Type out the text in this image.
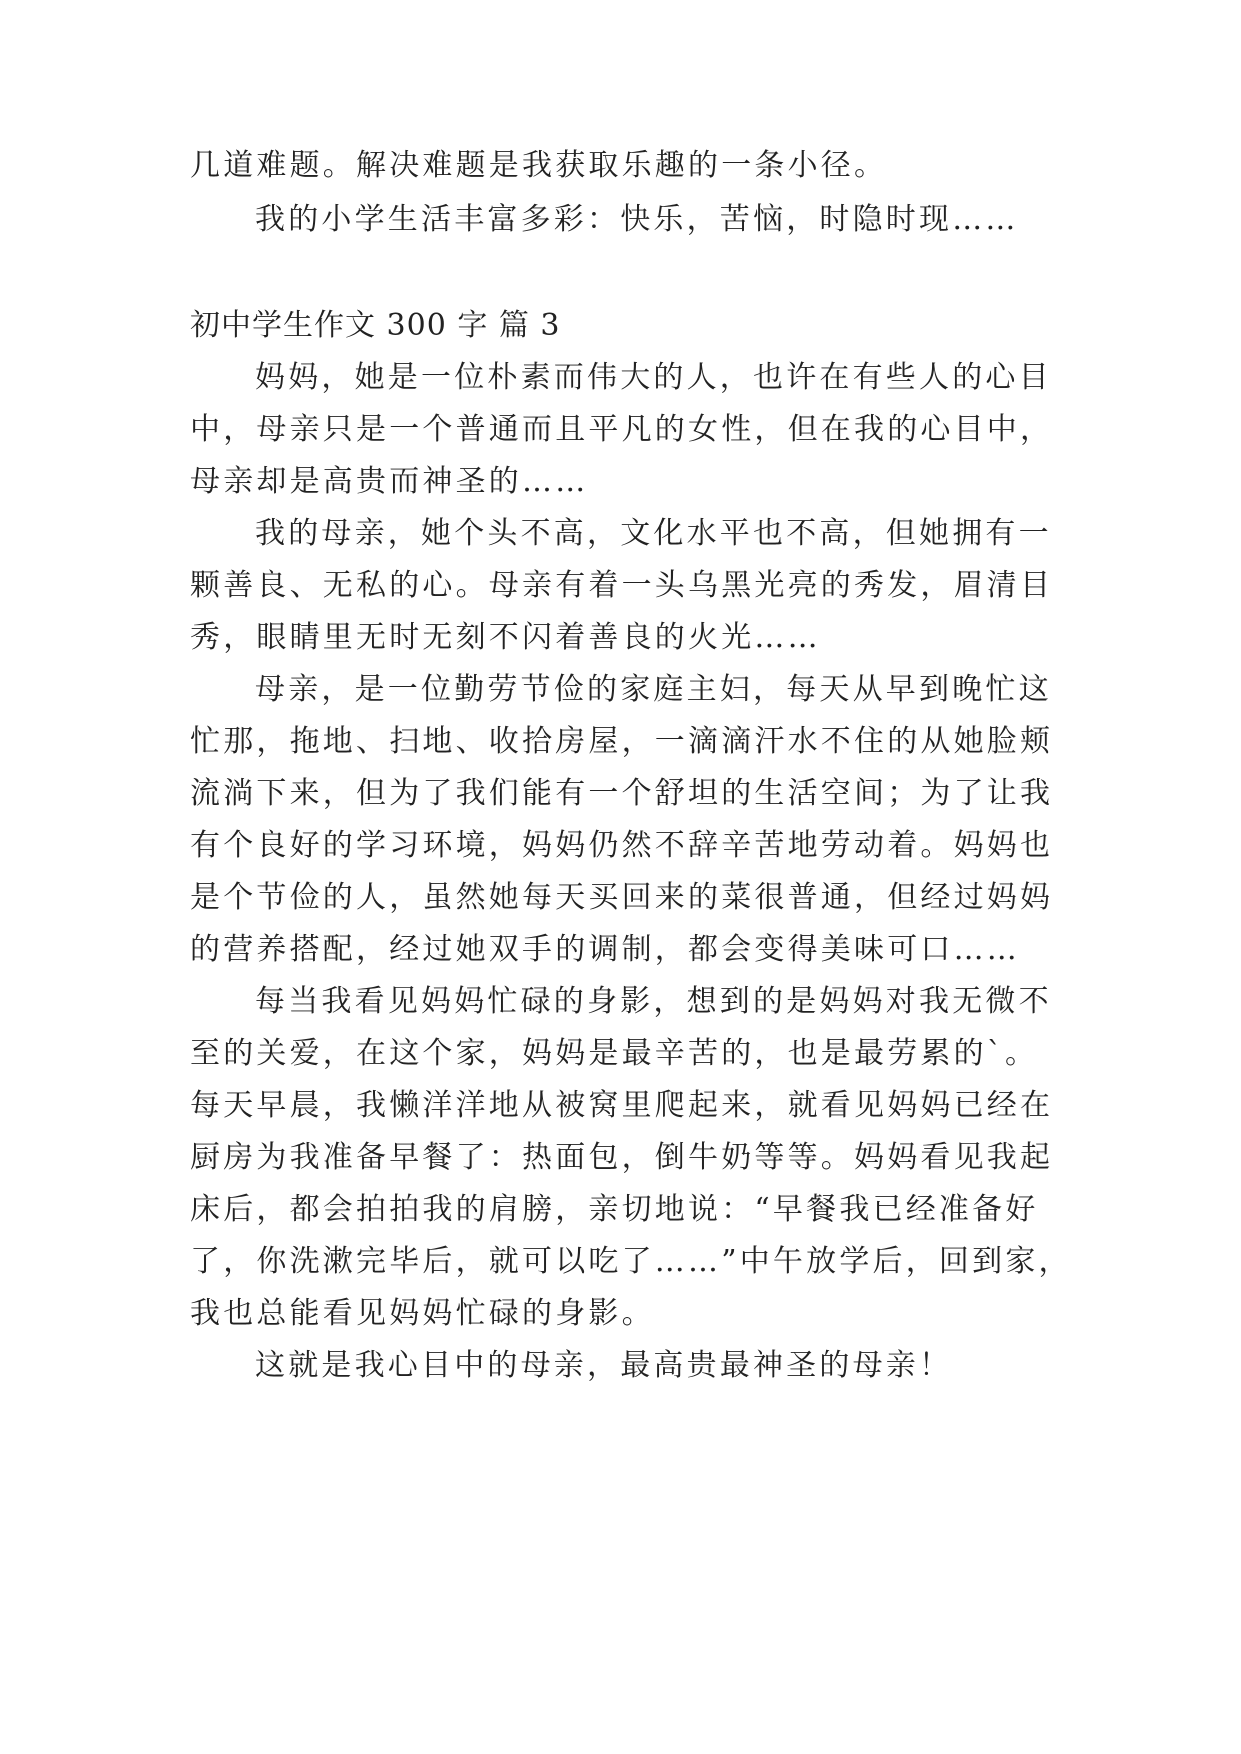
几道难题。解决难题是我获取乐趣的一条小径。
我的小学生活丰富多彩：快乐，苦恼，时隐时现……
初中学生作文 300 字 篇 3
妈妈，她是一位朴素而伟大的人，也许在有些人的心目
中，母亲只是一个普通而且平凡的女性，但在我的心目中，
母亲却是高贵而神圣的……
我的母亲，她个头不高，文化水平也不高，但她拥有一
颗善良、无私的心。母亲有着一头乌黑光亮的秀发，眉清目
秀，眼睛里无时无刻不闪着善良的火光……
母亲，是一位勤劳节俭的家庭主妇，每天从早到晚忙这
忙那，拖地、扫地、收拾房屋，一滴滴汗水不住的从她脸颊
流淌下来，但为了我们能有一个舒坦的生活空间；为了让我
有个良好的学习环境，妈妈仍然不辞辛苦地劳动着。妈妈也
是个节俭的人，虽然她每天买回来的菜很普通，但经过妈妈
的营养搭配，经过她双手的调制，都会变得美味可口……
每当我看见妈妈忙碌的身影，想到的是妈妈对我无微不
至的关爱，在这个家，妈妈是最辛苦的，也是最劳累的`。
每天早晨，我懒洋洋地从被窝里爬起来，就看见妈妈已经在
厨房为我准备早餐了：热面包，倒牛奶等等。妈妈看见我起
床后，都会拍拍我的肩膀，亲切地说：“早餐我已经准备好
了，你洗漱完毕后，就可以吃了……”中午放学后，回到家，
我也总能看见妈妈忙碌的身影。
这就是我心目中的母亲，最高贵最神圣的母亲！
